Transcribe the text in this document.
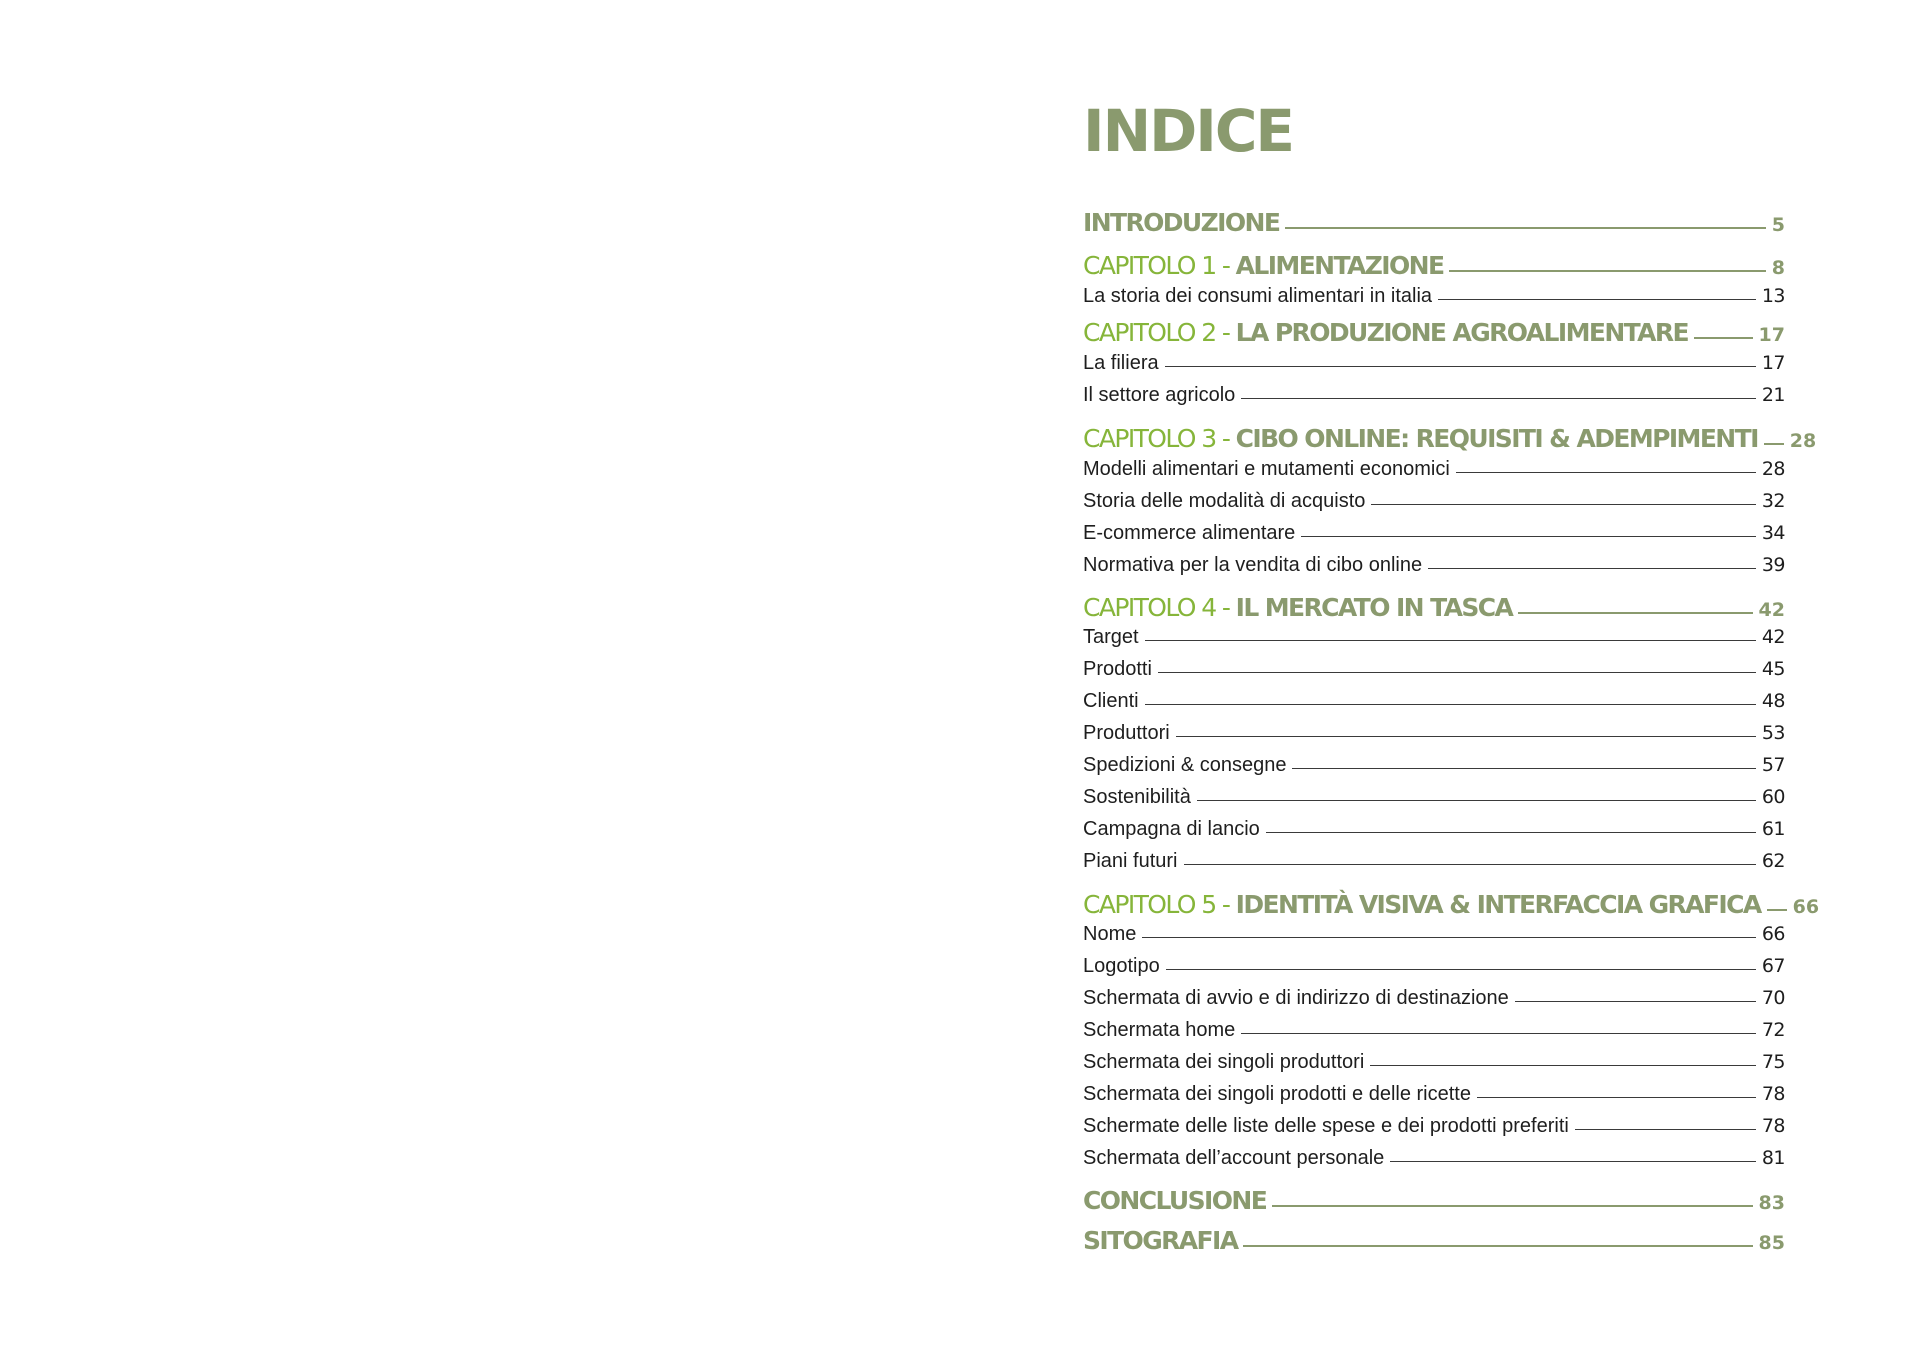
INDICE
INTRODUZIONE	5
CAPITOLO 1 - ALIMENTAZIONE	8
La storia dei consumi alimentari in italia	13
CAPITOLO 2 - LA PRODUZIONE AGROALIMENTARE	17
La filiera	17
Il settore agricolo	21
CAPITOLO 3 - CIBO ONLINE: REQUISITI & ADEMPIMENTI 28
Modelli alimentari e mutamenti economici	28
Storia delle modalità di acquisto	32
E-commerce alimentare	34
Normativa per la vendita di cibo online	39
CAPITOLO 4 - IL MERCATO IN TASCA	42
Target	42
Prodotti	45
Clienti	48
Produttori	53
Spedizioni & consegne	57
Sostenibilità	60
Campagna di lancio	61
Piani futuri	62
CAPITOLO 5 - IDENTITÀ VISIVA & INTERFACCIA GRAFICA 66
Nome	66
Logotipo	67
Schermata di avvio e di indirizzo di destinazione	70
Schermata home	72
Schermata dei singoli produttori	75
Schermata dei singoli prodotti e delle ricette	78
Schermate delle liste delle spese e dei prodotti preferiti	78
Schermata dell’account personale	81
CONCLUSIONE	83
SITOGRAFIA	85
